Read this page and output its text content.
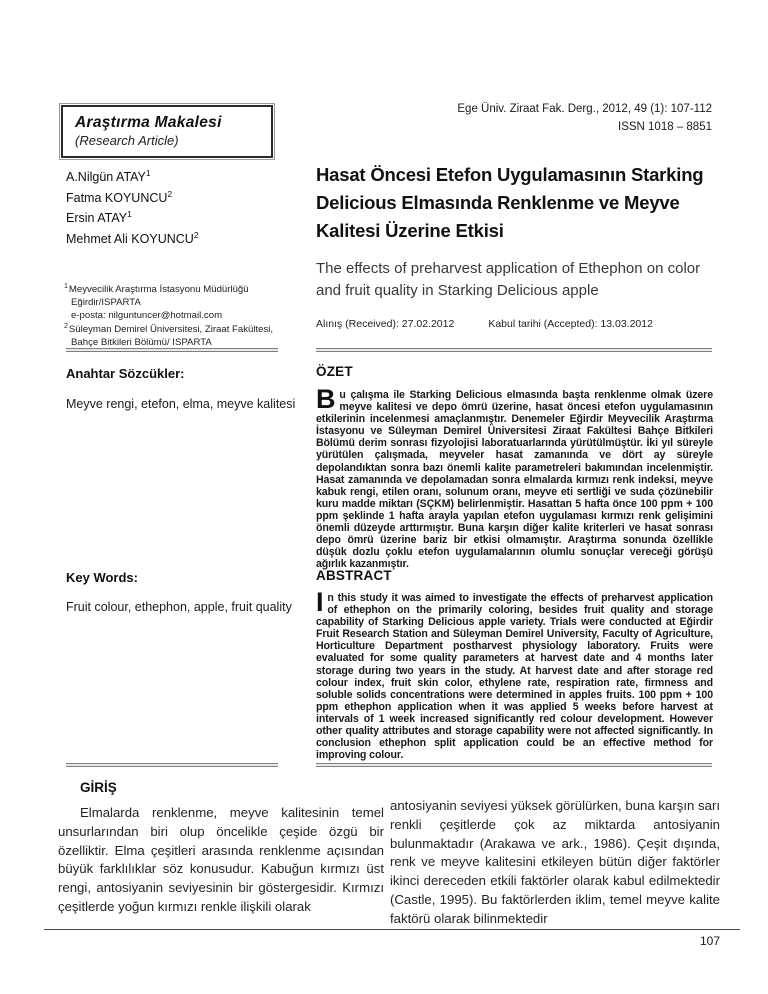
Ege Üniv. Ziraat Fak. Derg., 2012, 49 (1): 107-112
ISSN 1018 – 8851
Araştırma Makalesi
(Research Article)
A.Nilgün ATAY$^1$
Fatma KOYUNCU$^2$
Ersin ATAY$^1$
Mehmet Ali KOYUNCU$^2$
$^1$Meyvecilik Araştırma İstasyonu Müdürlüğü
Eğirdir/ISPARTA
e-posta: nilguntuncer@hotmail.com
$^2$Süleyman Demirel Üniversitesi, Ziraat Fakültesi,
Bahçe Bitkileri Bölümü/ ISPARTA
Anahtar Sözcükler:
Meyve rengi, etefon, elma, meyve kalitesi
Key Words:
Fruit colour, ethephon, apple, fruit quality
Hasat Öncesi Etefon Uygulamasının Starking Delicious Elmasında Renklenme ve Meyve Kalitesi Üzerine Etkisi
The effects of preharvest application of Ethephon on color and fruit quality in Starking Delicious apple
Alınış (Received): 27.02.2012	Kabul tarihi (Accepted): 13.03.2012
ÖZET
Bu çalışma ile Starking Delicious elmasında başta renklenme olmak üzere meyve kalitesi ve depo ömrü üzerine, hasat öncesi etefon uygulamasının etkilerinin incelenmesi amaçlanmıştır. Denemeler Eğirdir Meyvecilik Araştırma İstasyonu ve Süleyman Demirel Üniversitesi Ziraat Fakültesi Bahçe Bitkileri Bölümü derim sonrası fizyolojisi laboratuarlarında yürütülmüştür. İki yıl süreyle yürütülen çalışmada, meyveler hasat zamanında ve dört ay süreyle depolandıktan sonra bazı önemli kalite parametreleri bakımından incelenmiştir. Hasat zamanında ve depolamadan sonra elmalarda kırmızı renk indeksi, meyve kabuk rengi, etilen oranı, solunum oranı, meyve eti sertliği ve suda çözünebilir kuru madde miktarı (SÇKM) belirlenmiştir. Hasattan 5 hafta önce 100 ppm + 100 ppm şeklinde 1 hafta arayla yapılan etefon uygulaması kırmızı renk gelişimini önemli düzeyde arttırmıştır. Buna karşın diğer kalite kriterleri ve hasat sonrası depo ömrü üzerine bariz bir etkisi olmamıştır. Araştırma sonunda özellikle düşük dozlu çoklu etefon uygulamalarının olumlu sonuçlar vereceği görüşü ağırlık kazanmıştır.
ABSTRACT
In this study it was aimed to investigate the effects of preharvest application of ethephon on the primarily coloring, besides fruit quality and storage capability of Starking Delicious apple variety. Trials were conducted at Eğirdir Fruit Research Station and Süleyman Demirel University, Faculty of Agriculture, Horticulture Department postharvest physiology laboratory. Fruits were evaluated for some quality parameters at harvest date and 4 months later storage during two years in the study. At harvest date and after storage red colour index, fruit skin color, ethylene rate, respiration rate, firmness and soluble solids concentrations were determined in apples fruits. 100 ppm + 100 ppm ethephon application when it was applied 5 weeks before harvest at intervals of 1 week increased significantly red colour development. However other quality attributes and storage capability were not affected significantly. In conclusion ethephon split application could be an effective method for improving colour.
GİRİŞ
Elmalarda renklenme, meyve kalitesinin temel unsurlarından biri olup öncelikle çeşide özgü bir özelliktir. Elma çeşitleri arasında renklenme açısından büyük farklılıklar söz konusudur. Kabuğun kırmızı üst rengi, antosiyanin seviyesinin bir göstergesidir. Kırmızı çeşitlerde yoğun kırmızı renkle ilişkili olarak
antosiyanin seviyesi yüksek görülürken, buna karşın sarı renkli çeşitlerde çok az miktarda antosiyanin bulunmaktadır (Arakawa ve ark., 1986). Çeşit dışında, renk ve meyve kalitesini etkileyen bütün diğer faktörler ikinci dereceden etkili faktörler olarak kabul edilmektedir (Castle, 1995). Bu faktörlerden iklim, temel meyve kalite faktörü olarak bilinmektedir
107
